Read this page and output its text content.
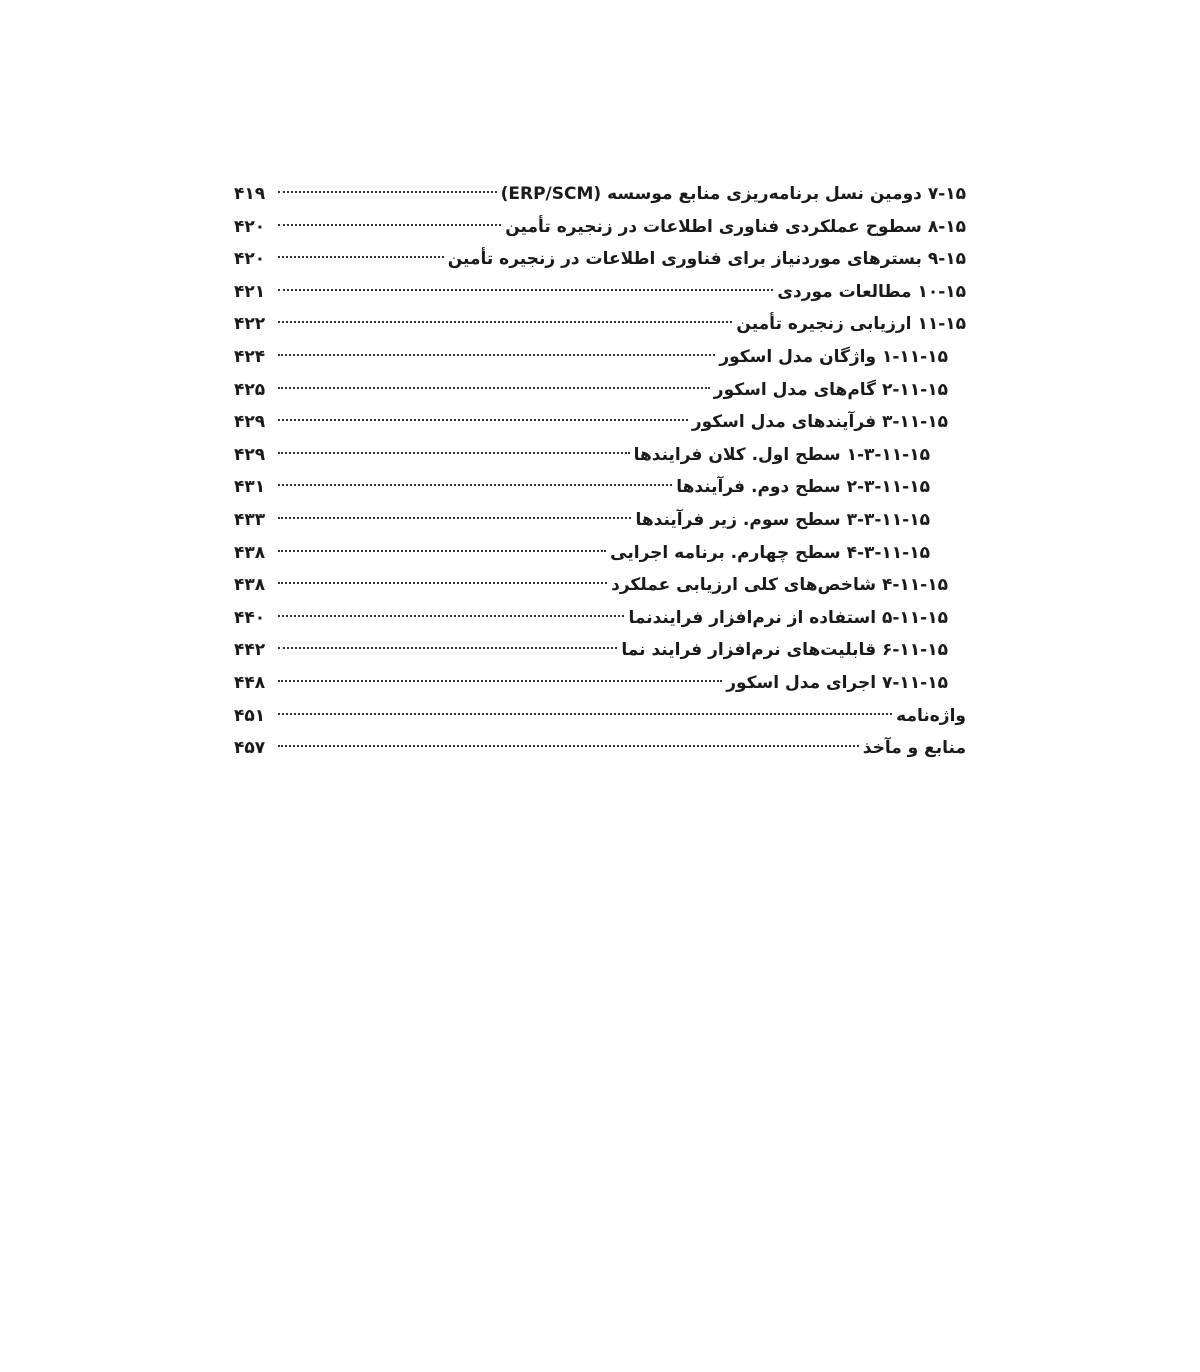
۷-۱۵ دومین نسل برنامه‌ریزی منابع موسسه (ERP/SCM)
۴۱۹
۸-۱۵ سطوح عملکردی فناوری اطلاعات در زنجیره تأمین
۴۲۰
۹-۱۵ بسترهای موردنیاز برای فناوری اطلاعات در زنجیره تأمین
۴۲۰
۱۰-۱۵ مطالعات موردی
۴۲۱
۱۱-۱۵ ارزیابی زنجیره تأمین
۴۲۲
۱-۱۱-۱۵ واژگان مدل اسکور
۴۲۴
۲-۱۱-۱۵ گام‌های مدل اسکور
۴۲۵
۳-۱۱-۱۵ فرآیندهای مدل اسکور
۴۲۹
۱-۳-۱۱-۱۵ سطح اول. کلان فرایندها
۴۲۹
۲-۳-۱۱-۱۵ سطح دوم. فرآیندها
۴۳۱
۳-۳-۱۱-۱۵ سطح سوم. زیر فرآیندها
۴۳۳
۴-۳-۱۱-۱۵ سطح چهارم. برنامه اجرایی
۴۳۸
۴-۱۱-۱۵ شاخص‌های کلی ارزیابی عملکرد
۴۳۸
۵-۱۱-۱۵ استفاده از نرم‌افزار فرایندنما
۴۴۰
۶-۱۱-۱۵ قابلیت‌های نرم‌افزار فرایند نما
۴۴۲
۷-۱۱-۱۵ اجرای مدل اسکور
۴۴۸
واژه‌نامه
۴۵۱
منابع و مآخذ
۴۵۷
